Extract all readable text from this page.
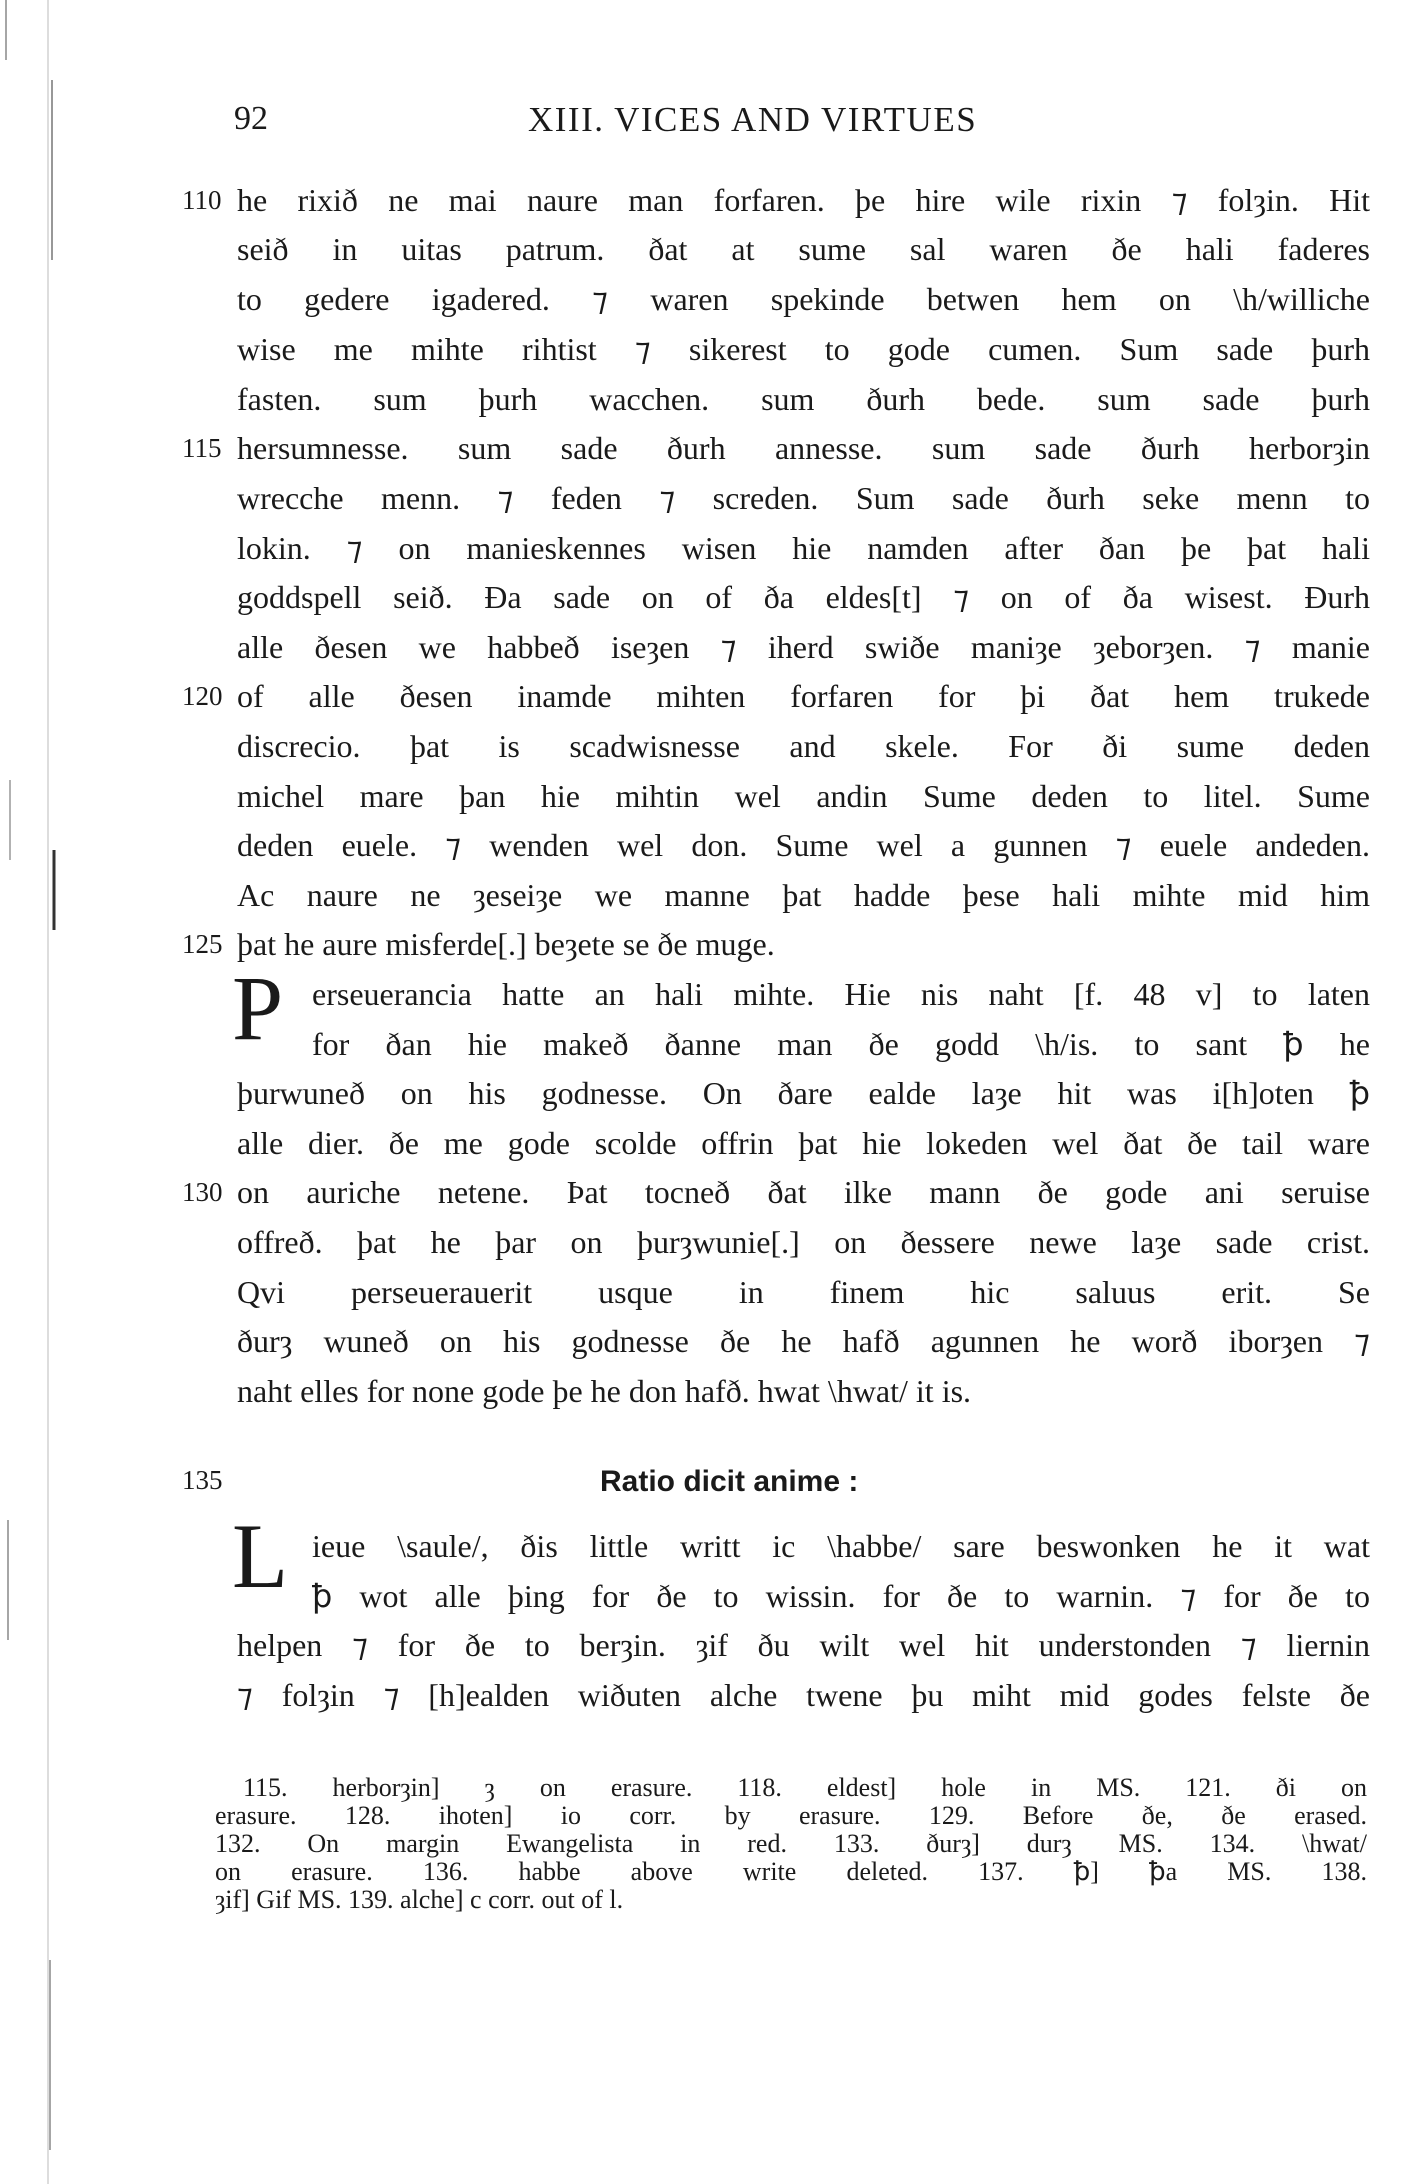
92	XIII. VICES AND VIRTUES
110
115
120
125
130
135
he rixið ne mai naure man forfaren. þe hire wile rixin ⁊ folȝin. Hit
seið in uitas patrum. ðat at sume sal waren ðe hali faderes
to gedere igadered. ⁊ waren spekinde betwen hem on \h/williche
wise me mihte rihtist ⁊ sikerest to gode cumen. Sum sade þurh
fasten. sum þurh wacchen. sum ðurh bede. sum sade þurh
hersumnesse. sum sade ðurh annesse. sum sade ðurh herborȝin
wrecche menn. ⁊ feden ⁊ screden. Sum sade ðurh seke menn to
lokin. ⁊ on manieskennes wisen hie namden after ðan þe þat hali
goddspell seið. Ða sade on of ða eldes[t] ⁊ on of ða wisest. Ðurh
alle ðesen we habbeð iseȝen ⁊ iherd swiðe maniȝe ȝeborȝen. ⁊ manie
of alle ðesen inamde mihten forfaren for þi ðat hem trukede
discrecio. þat is scadwisnesse and skele. For ði sume deden
michel mare þan hie mihtin wel andin Sume deden to litel. Sume
deden euele. ⁊ wenden wel don. Sume wel a gunnen ⁊ euele andeden.
Ac naure ne ȝeseiȝe we manne þat hadde þese hali mihte mid him
þat he aure misferde[.] beȝete se ðe muge.
P erseuerancia hatte an hali mihte. Hie nis naht [f. 48 v] to laten
for ðan hie makeð ðanne man ðe godd \h/is. to sant ꝥ he
þurwuneð on his godnesse. On ðare ealde laȝe hit was i[h]oten ꝥ
alle dier. ðe me gode scolde offrin þat hie lokeden wel ðat ðe tail ware
on auriche netene. Þat tocneð ðat ilke mann ðe gode ani seruise
offreð. þat he þar on þurȝwunie[.] on ðessere newe laȝe sade crist.
Qvi perseuerauerit usque in finem hic saluus erit. Se
ðurȝ wuneð on his godnesse ðe he hafð agunnen he worð iborȝen ⁊
naht elles for none gode þe he don hafð. hwat \hwat/ it is.
Ratio dicit anime :
L ieue \saule/, ðis little writt ic \habbe/ sare beswonken he it wat
ꝥ wot alle þing for ðe to wissin. for ðe to warnin. ⁊ for ðe to
helpen ⁊ for ðe to berȝin. ȝif ðu wilt wel hit understonden ⁊ liernin
⁊ folȝin ⁊ [h]ealden wiðuten alche twene þu miht mid godes felste ðe
115. herborȝin] ȝ on erasure. 118. eldest] hole in MS. 121. ði on
erasure. 128. ihoten] io corr. by erasure. 129. Before ðe, ðe erased.
132. On margin Ewangelista in red. 133. ðurȝ] durȝ MS. 134. \hwat/
on erasure. 136. habbe above write deleted. 137. ꝥ] ꝥa MS. 138.
ȝif] Gif MS. 139. alche] c corr. out of l.
